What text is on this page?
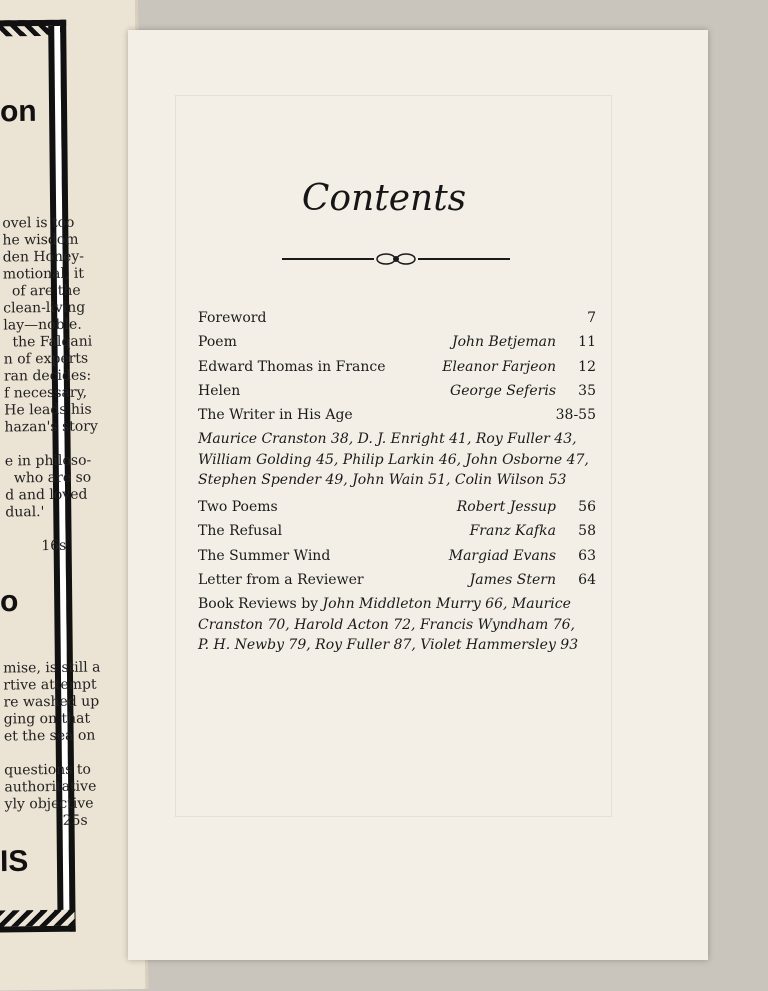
on
ovel is too
he wisdom
den Honey-
motional, it
of are the
clean-living
lay—noble.
the Falqani
n of experts
ran decides:
f necessary,
He leads his
hazan's story
e in philoso-
who are so
d and loved
dual.'
16s
o
mise, is still a
rtive attempt
re washed up
ging on that
et the sea on
questions to
authoritative
yly objective
25s
IS
Contents
Foreword	7
Poem	John Betjeman 11
Edward Thomas in France	Eleanor Farjeon 12
Helen	George Seferis 35
The Writer in His Age	38-55
Maurice Cranston 38, D. J. Enright 41, Roy Fuller 43,
William Golding 45, Philip Larkin 46, John Osborne 47,
Stephen Spender 49, John Wain 51, Colin Wilson 53
Two Poems	Robert Jessup 56
The Refusal	Franz Kafka 58
The Summer Wind	Margiad Evans 63
Letter from a Reviewer	James Stern 64
Book Reviews by John Middleton Murry 66, Maurice
Cranston 70, Harold Acton 72, Francis Wyndham 76,
P. H. Newby 79, Roy Fuller 87, Violet Hammersley 93
